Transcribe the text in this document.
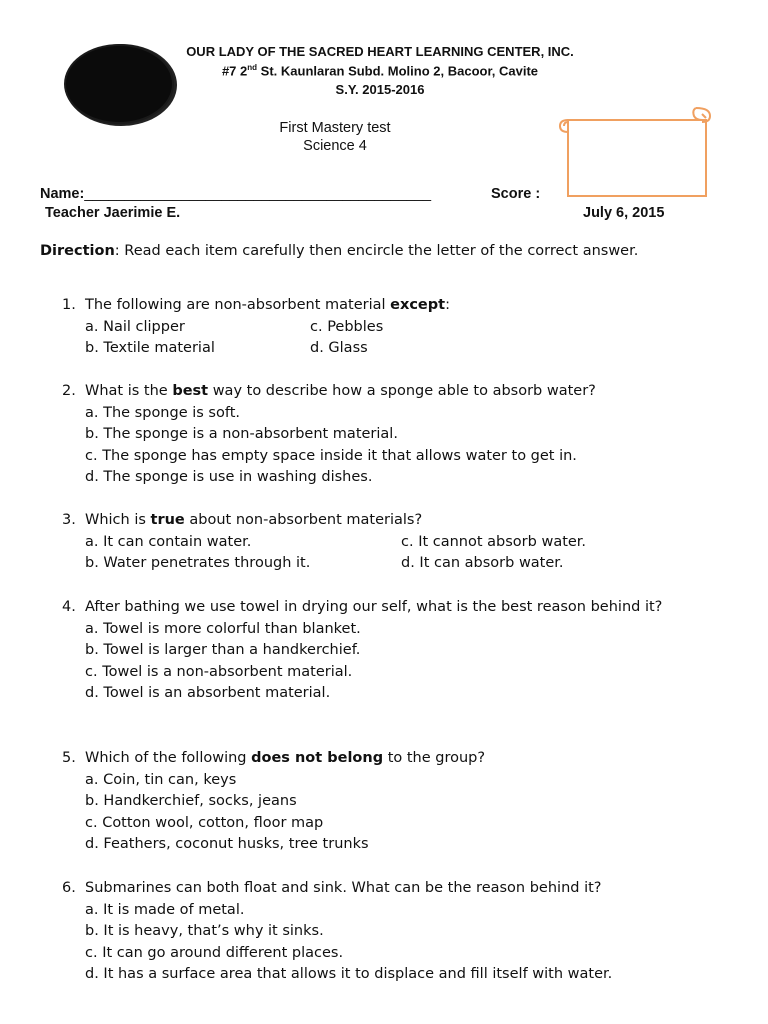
OUR LADY OF THE SACRED HEART LEARNING CENTER, INC.
#7 2nd St. Kaunlaran Subd. Molino 2, Bacoor, Cavite
S.Y. 2015-2016
First Mastery test
Science 4
Name:___________________________________________	Score :
Teacher Jaerimie E.	July 6, 2015
Direction: Read each item carefully then encircle the letter of the correct answer.
1. The following are non-absorbent material except:
a. Nail clipper	c. Pebbles
b. Textile material	d. Glass
2. What is the best way to describe how a sponge able to absorb water?
a. The sponge is soft.
b. The sponge is a non-absorbent material.
c. The sponge has empty space inside it that allows water to get in.
d. The sponge is use in washing dishes.
3. Which is true about non-absorbent materials?
a. It can contain water.	c. It cannot absorb water.
b. Water penetrates through it.	d. It can absorb water.
4. After bathing we use towel in drying our self, what is the best reason behind it?
a. Towel is more colorful than blanket.
b. Towel is larger than a handkerchief.
c. Towel is a non-absorbent material.
d. Towel is an absorbent material.
5. Which of the following does not belong to the group?
a. Coin, tin can, keys
b. Handkerchief, socks, jeans
c. Cotton wool, cotton, floor map
d. Feathers, coconut husks, tree trunks
6. Submarines can both float and sink. What can be the reason behind it?
a. It is made of metal.
b. It is heavy, that’s why it sinks.
c. It can go around different places.
d. It has a surface area that allows it to displace and fill itself with water.
